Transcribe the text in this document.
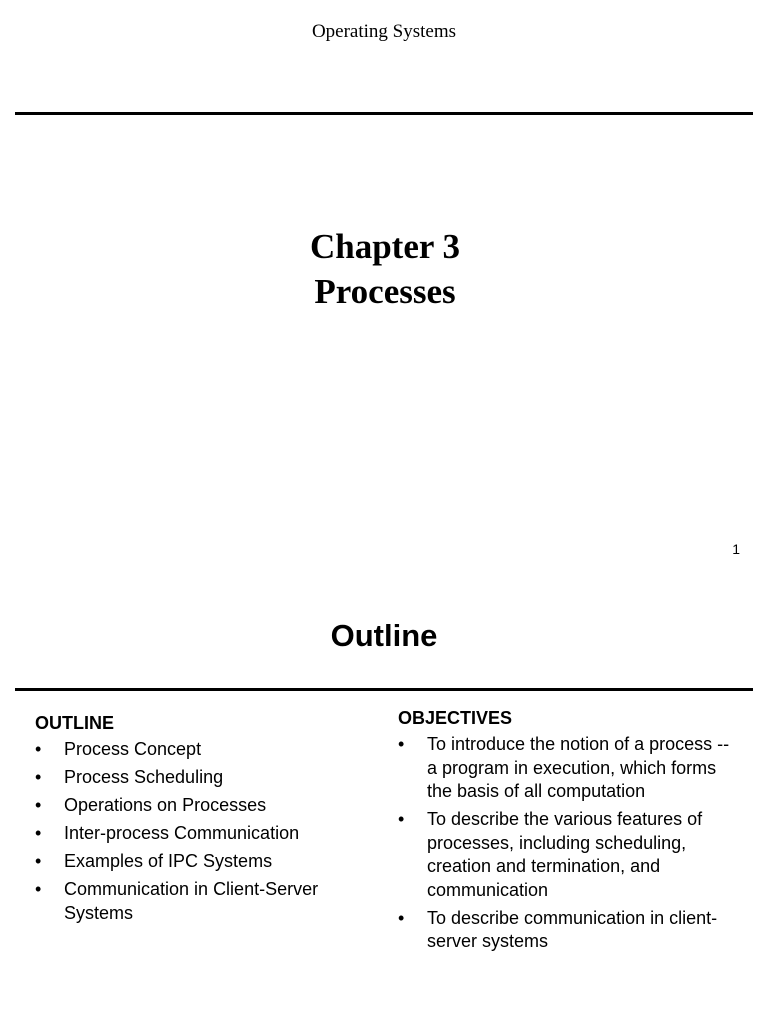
Operating Systems
Chapter 3
Processes
1
Outline
OUTLINE
• Process Concept
• Process Scheduling
• Operations on Processes
• Inter-process Communication
• Examples of IPC Systems
• Communication in Client-Server Systems
OBJECTIVES
• To introduce the notion of a process -- a program in execution, which forms the basis of all computation
• To describe the various features of processes, including scheduling, creation and termination, and communication
• To describe communication in client-server systems
